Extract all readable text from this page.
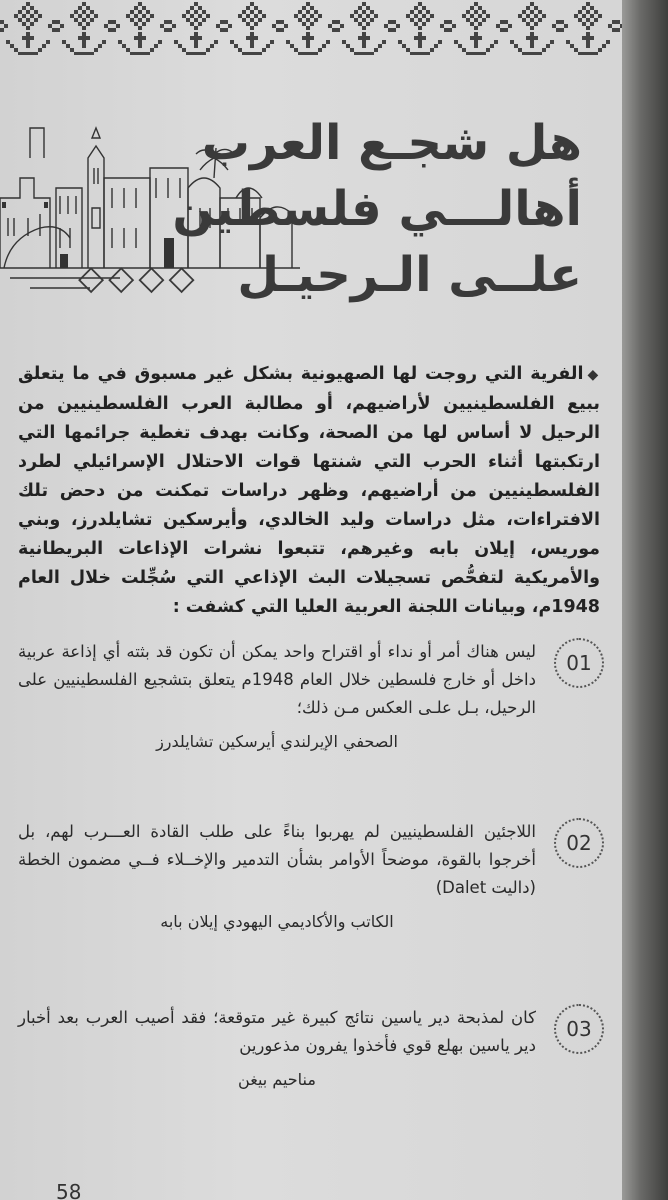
هل شجـع العرب
أهالـــي فلسطين
علــى الـرحيـل ◇◇◇◇
◆الفرية التي روجت لها الصهيونية بشكل غير مسبوق في ما يتعلق ببيع الفلسطينيين لأراضيهم، أو مطالبة العرب الفلسطينيين من الرحيل لا أساس لها من الصحة، وكانت بهدف تغطية جرائمها التي ارتكبتها أثناء الحرب التي شنتها قوات الاحتلال الإسرائيلي لطرد الفلسطينيين من أراضيهم، وظهر دراسات تمكنت من دحض تلك الافتراءات، مثل دراسات وليد الخالدي، وأيرسكين تشايلدرز، وبني موريس، إيلان بابه وغيرهم، تتبعوا نشرات الإذاعات البريطانية والأمريكية لتفحُّص تسجيلات البث الإذاعي التي سُجِّلت خلال العام 1948م، وبيانات اللجنة العربية العليا التي كشفت :
01
ليس هناك أمر أو نداء أو اقتراح واحد يمكن أن تكون قد بثته أي إذاعة عربية داخل أو خارج فلسطين خلال العام 1948م يتعلق بتشجيع الفلسطينيين على الرحيل، بـل علـى العكس مـن ذلك؛
الصحفي الإيرلندي أيرسكين تشايلدرز
02
اللاجئين الفلسطينيين لم يهربوا بناءً على طلب القادة العـــرب لهم، بل أخرجوا بالقوة، موضحاً الأوامر بشأن التدمير والإخــلاء فــي مضمون الخطة (داليت Dalet)
الكاتب والأكاديمي اليهودي إيلان بابه
03
كان لمذبحة دير ياسين نتائج كبيرة غير متوقعة؛ فقد أصيب العرب بعد أخبار دير ياسين بهلع قوي فأخذوا يفرون مذعورين
مناحيم بيغن
58
